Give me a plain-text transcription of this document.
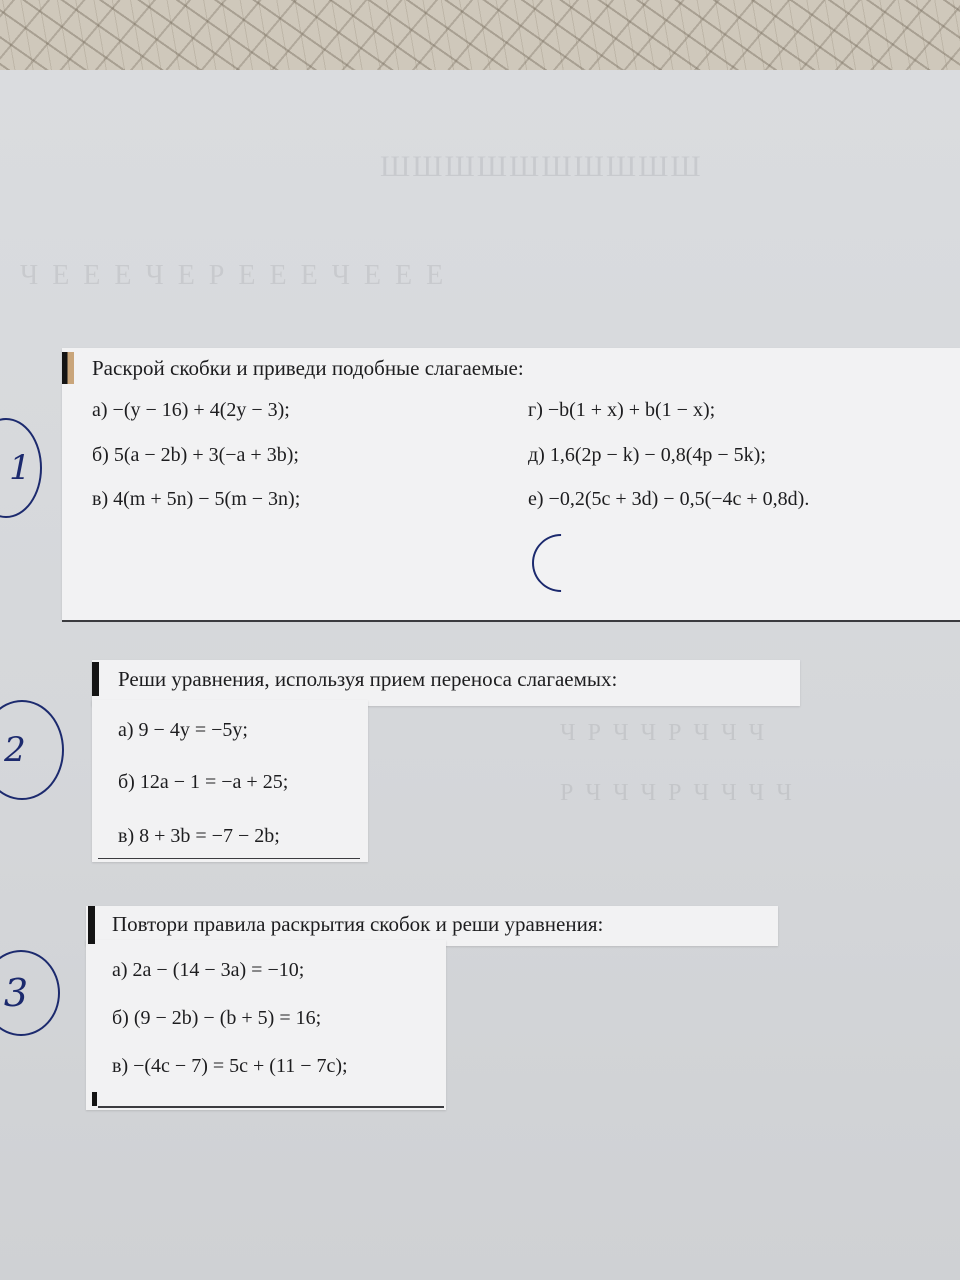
ШШШШШШШШШШ
ЧЕЕЕЧЕРЕЕЕЧЕЕЕ
ЧРЧЧРЧЧЧ
РЧЧЧРЧЧЧЧ
Раскрой скобки и приведи подобные слагаемые:
а) −(y − 16) + 4(2y − 3);
б) 5(a − 2b) + 3(−a + 3b);
в) 4(m + 5n) − 5(m − 3n);
г) −b(1 + x) + b(1 − x);
д) 1,6(2p − k) − 0,8(4p − 5k);
е) −0,2(5c + 3d) − 0,5(−4c + 0,8d).
1
Реши уравнения, используя прием переноса слагаемых:
а) 9 − 4y = −5y;
б) 12a − 1 = −a + 25;
в) 8 + 3b = −7 − 2b;
2
Повтори правила раскрытия скобок и реши уравнения:
а) 2a − (14 − 3a) = −10;
б) (9 − 2b) − (b + 5) = 16;
в) −(4c − 7) = 5c + (11 − 7c);
3
